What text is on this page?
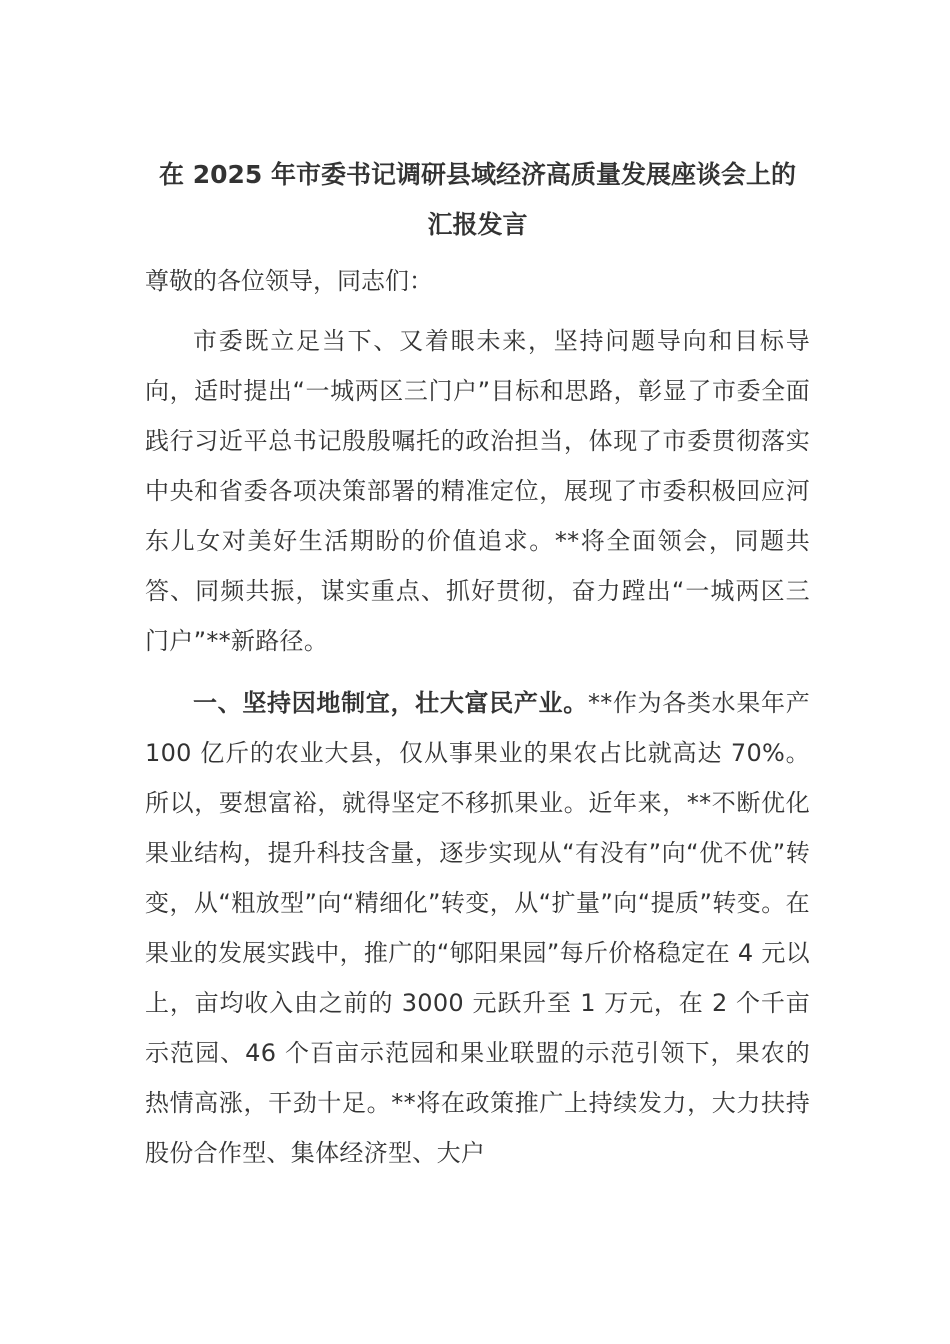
在 2025 年市委书记调研县域经济高质量发展座谈会上的
汇报发言

尊敬的各位领导，同志们：

市委既立足当下、又着眼未来，坚持问题导向和目标导向，适时提出“一城两区三门户”目标和思路，彰显了市委全面践行习近平总书记殷殷嘱托的政治担当，体现了市委贯彻落实中央和省委各项决策部署的精准定位，展现了市委积极回应河东儿女对美好生活期盼的价值追求。**将全面领会，同题共答、同频共振，谋实重点、抓好贯彻，奋力蹚出“一城两区三门户”**新路径。

一、坚持因地制宜，壮大富民产业。**作为各类水果年产 100 亿斤的农业大县，仅从事果业的果农占比就高达 70%。所以，要想富裕，就得坚定不移抓果业。近年来，**不断优化果业结构，提升科技含量，逐步实现从“有没有”向“优不优”转变，从“粗放型”向“精细化”转变，从“扩量”向“提质”转变。在果业的发展实践中，推广的“郇阳果园”每斤价格稳定在 4 元以上，亩均收入由之前的 3000 元跃升至 1 万元，在 2 个千亩示范园、46 个百亩示范园和果业联盟的示范引领下，果农的热情高涨，干劲十足。**将在政策推广上持续发力，大力扶持股份合作型、集体经济型、大户
